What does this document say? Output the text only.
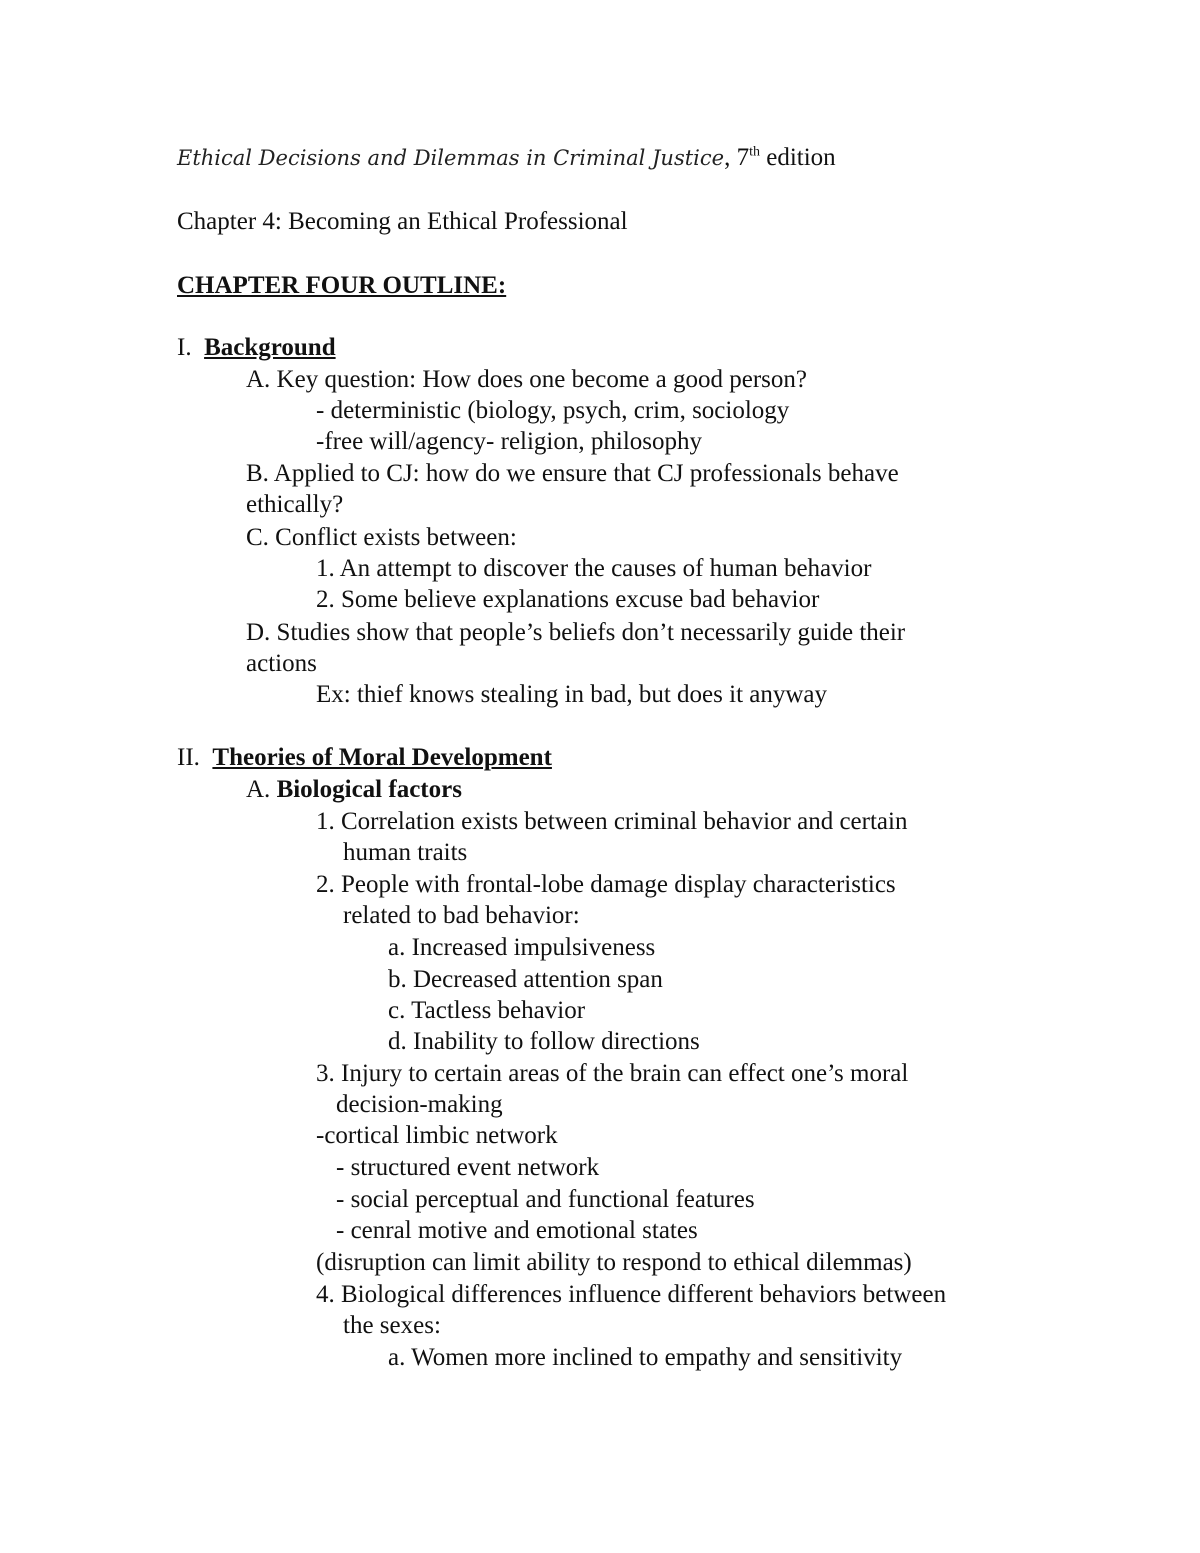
Ethical Decisions and Dilemmas in Criminal Justice, 7th edition
Chapter 4: Becoming an Ethical Professional
CHAPTER FOUR OUTLINE:
I. Background
A. Key question: How does one become a good person?
- deterministic (biology, psych, crim, sociology
-free will/agency- religion, philosophy
B. Applied to CJ: how do we ensure that CJ professionals behave
ethically?
C. Conflict exists between:
1. An attempt to discover the causes of human behavior
2. Some believe explanations excuse bad behavior
D. Studies show that people’s beliefs don’t necessarily guide their
actions
Ex: thief knows stealing in bad, but does it anyway
II. Theories of Moral Development
A. Biological factors
1. Correlation exists between criminal behavior and certain
human traits
2. People with frontal-lobe damage display characteristics
related to bad behavior:
a. Increased impulsiveness
b. Decreased attention span
c. Tactless behavior
d. Inability to follow directions
3. Injury to certain areas of the brain can effect one’s moral
decision-making
-cortical limbic network
- structured event network
- social perceptual and functional features
- cenral motive and emotional states
(disruption can limit ability to respond to ethical dilemmas)
4. Biological differences influence different behaviors between
the sexes:
a. Women more inclined to empathy and sensitivity
